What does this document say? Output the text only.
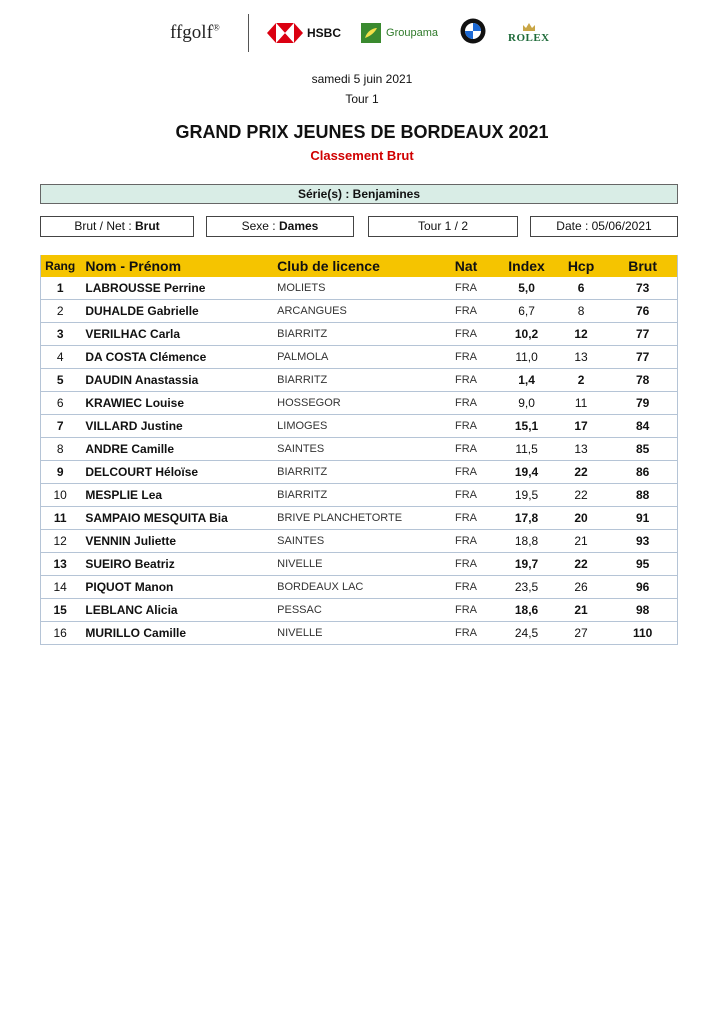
ffgolf®	HSBC	Groupama	ROLEX
samedi 5 juin 2021
Tour 1
GRAND PRIX JEUNES DE BORDEAUX 2021
Classement Brut
Série(s) : Benjamines
Brut / Net : Brut	Sexe : Dames	Tour 1 / 2	Date : 05/06/2021
Rang	Nom - Prénom	Club de licence	Nat	Index	Hcp	Brut
1	LABROUSSE Perrine	MOLIETS	FRA	5,0	6	73
2	DUHALDE Gabrielle	ARCANGUES	FRA	6,7	8	76
3	VERILHAC Carla	BIARRITZ	FRA	10,2	12	77
4	DA COSTA Clémence	PALMOLA	FRA	11,0	13	77
5	DAUDIN Anastassia	BIARRITZ	FRA	1,4	2	78
6	KRAWIEC Louise	HOSSEGOR	FRA	9,0	11	79
7	VILLARD Justine	LIMOGES	FRA	15,1	17	84
8	ANDRE Camille	SAINTES	FRA	11,5	13	85
9	DELCOURT Héloïse	BIARRITZ	FRA	19,4	22	86
10	MESPLIE Lea	BIARRITZ	FRA	19,5	22	88
11	SAMPAIO MESQUITA Bia	BRIVE PLANCHETORTE	FRA	17,8	20	91
12	VENNIN Juliette	SAINTES	FRA	18,8	21	93
13	SUEIRO Beatriz	NIVELLE	FRA	19,7	22	95
14	PIQUOT Manon	BORDEAUX LAC	FRA	23,5	26	96
15	LEBLANC Alicia	PESSAC	FRA	18,6	21	98
16	MURILLO Camille	NIVELLE	FRA	24,5	27	110
